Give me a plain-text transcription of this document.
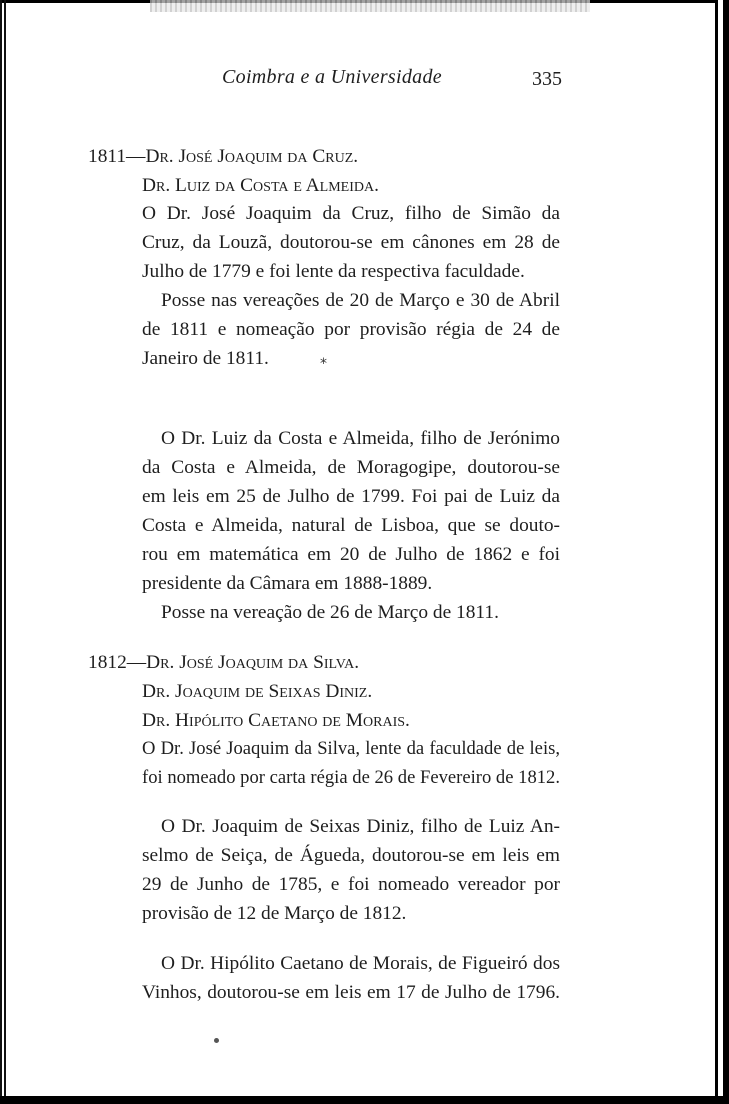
Coimbra e a Universidade	335
1811—Dr. José Joaquim da Cruz.
Dr. Luiz da Costa e Almeida.
O Dr. José Joaquim da Cruz, filho de Simão da
Cruz, da Louzã, doutorou-se em cânones em 28 de
Julho de 1779 e foi lente da respectiva faculdade.
Posse nas vereações de 20 de Março e 30 de Abril
de 1811 e nomeação por provisão régia de 24 de
Janeiro de 1811.	*
O Dr. Luiz da Costa e Almeida, filho de Jerónimo
da Costa e Almeida, de Moragogipe, doutorou-se
em leis em 25 de Julho de 1799. Foi pai de Luiz da
Costa e Almeida, natural de Lisboa, que se douto-
rou em matemática em 20 de Julho de 1862 e foi
presidente da Câmara em 1888-1889.
Posse na vereação de 26 de Março de 1811.
1812—Dr. José Joaquim da Silva.
Dr. Joaquim de Seixas Diniz.
Dr. Hipólito Caetano de Morais.
O Dr. José Joaquim da Silva, lente da faculdade de leis,
foi nomeado por carta régia de 26 de Fevereiro de 1812.
O Dr. Joaquim de Seixas Diniz, filho de Luiz An-
selmo de Seiça, de Águeda, doutorou-se em leis em
29 de Junho de 1785, e foi nomeado vereador por
provisão de 12 de Março de 1812.
O Dr. Hipólito Caetano de Morais, de Figueiró dos
Vinhos, doutorou-se em leis em 17 de Julho de 1796.
